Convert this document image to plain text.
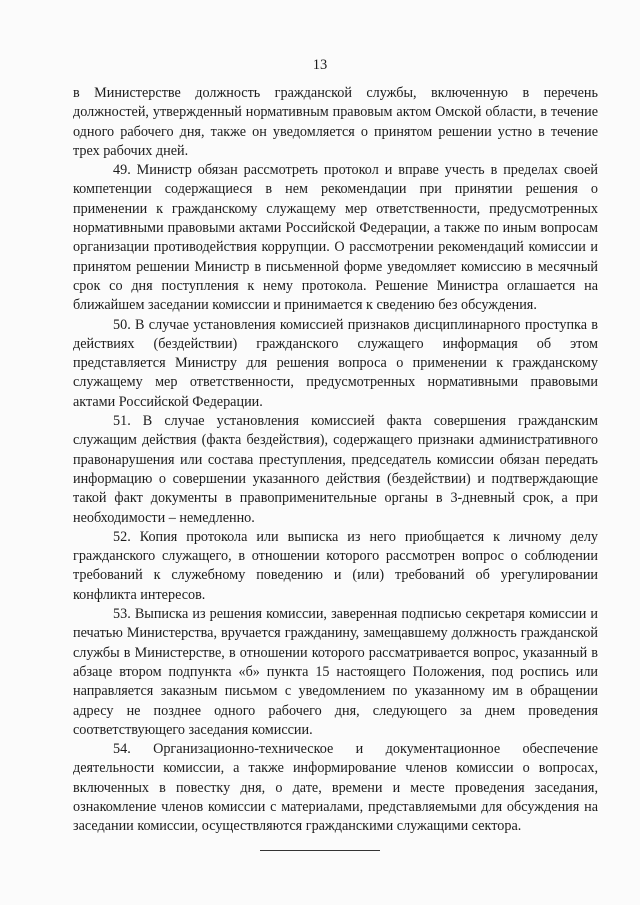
13

в Министерстве должность гражданской службы, включенную в перечень должностей, утвержденный нормативным правовым актом Омской области, в течение одного рабочего дня, также он уведомляется о принятом решении устно в течение трех рабочих дней.

49. Министр обязан рассмотреть протокол и вправе учесть в пределах своей компетенции содержащиеся в нем рекомендации при принятии решения о применении к гражданскому служащему мер ответственности, предусмотренных нормативными правовыми актами Российской Федерации, а также по иным вопросам организации противодействия коррупции. О рассмотрении рекомендаций комиссии и принятом решении Министр в письменной форме уведомляет комиссию в месячный срок со дня поступления к нему протокола. Решение Министра оглашается на ближайшем заседании комиссии и принимается к сведению без обсуждения.

50. В случае установления комиссией признаков дисциплинарного проступка в действиях (бездействии) гражданского служащего информация об этом представляется Министру для решения вопроса о применении к гражданскому служащему мер ответственности, предусмотренных нормативными правовыми актами Российской Федерации.

51. В случае установления комиссией факта совершения гражданским служащим действия (факта бездействия), содержащего признаки административного правонарушения или состава преступления, председатель комиссии обязан передать информацию о совершении указанного действия (бездействии) и подтверждающие такой факт документы в правоприменительные органы в 3-дневный срок, а при необходимости – немедленно.

52. Копия протокола или выписка из него приобщается к личному делу гражданского служащего, в отношении которого рассмотрен вопрос о соблюдении требований к служебному поведению и (или) требований об урегулировании конфликта интересов.

53. Выписка из решения комиссии, заверенная подписью секретаря комиссии и печатью Министерства, вручается гражданину, замещавшему должность гражданской службы в Министерстве, в отношении которого рассматривается вопрос, указанный в абзаце втором подпункта «б» пункта 15 настоящего Положения, под роспись или направляется заказным письмом с уведомлением по указанному им в обращении адресу не позднее одного рабочего дня, следующего за днем проведения соответствующего заседания комиссии.

54. Организационно-техническое и документационное обеспечение деятельности комиссии, а также информирование членов комиссии о вопросах, включенных в повестку дня, о дате, времени и месте проведения заседания, ознакомление членов комиссии с материалами, представляемыми для обсуждения на заседании комиссии, осуществляются гражданскими служащими сектора.
